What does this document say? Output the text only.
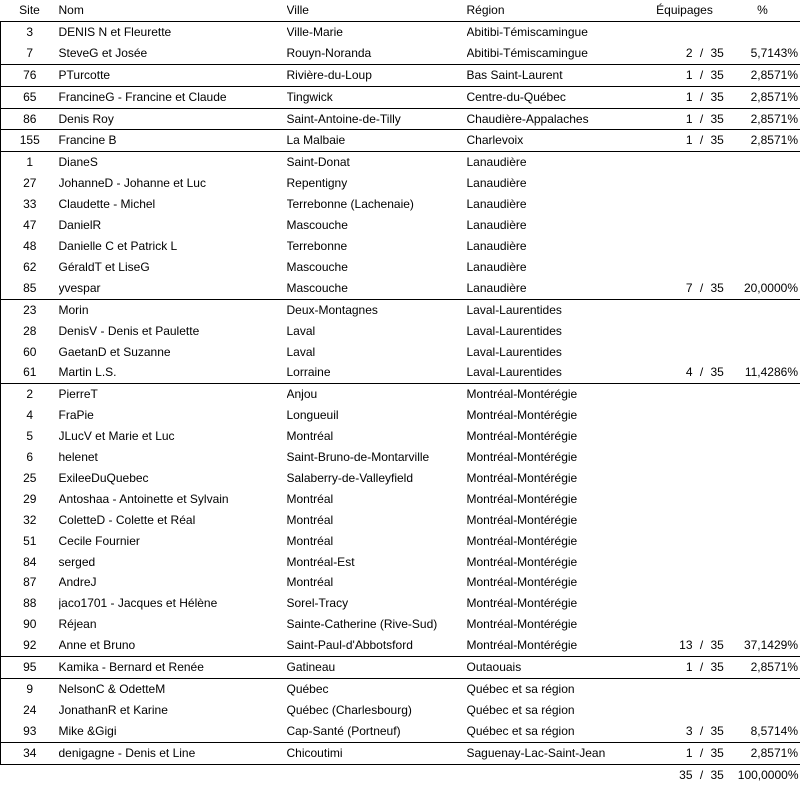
Site	Nom	Ville	Région	Équipages	%
3	DENIS N et Fleurette	Ville-Marie	Abitibi-Témiscamingue		
7	SteveG et Josée	Rouyn-Noranda	Abitibi-Témiscamingue	2 / 35	5,7143%
76	PTurcotte	Rivière-du-Loup	Bas Saint-Laurent	1 / 35	2,8571%
65	FrancineG - Francine et Claude	Tingwick	Centre-du-Québec	1 / 35	2,8571%
86	Denis Roy	Saint-Antoine-de-Tilly	Chaudière-Appalaches	1 / 35	2,8571%
155	Francine B	La Malbaie	Charlevoix	1 / 35	2,8571%
1	DianeS	Saint-Donat	Lanaudière		
27	JohanneD - Johanne et Luc	Repentigny	Lanaudière		
33	Claudette - Michel	Terrebonne (Lachenaie)	Lanaudière		
47	DanielR	Mascouche	Lanaudière		
48	Danielle C et Patrick L	Terrebonne	Lanaudière		
62	GéraldT et LiseG	Mascouche	Lanaudière		
85	yvespar	Mascouche	Lanaudière	7 / 35	20,0000%
23	Morin	Deux-Montagnes	Laval-Laurentides		
28	DenisV - Denis et Paulette	Laval	Laval-Laurentides		
60	GaetanD et Suzanne	Laval	Laval-Laurentides		
61	Martin L.S.	Lorraine	Laval-Laurentides	4 / 35	11,4286%
2	PierreT	Anjou	Montréal-Montérégie		
4	FraPie	Longueuil	Montréal-Montérégie		
5	JLucV et Marie et Luc	Montréal	Montréal-Montérégie		
6	helenet	Saint-Bruno-de-Montarville	Montréal-Montérégie		
25	ExileeDuQuebec	Salaberry-de-Valleyfield	Montréal-Montérégie		
29	Antoshaa - Antoinette et Sylvain	Montréal	Montréal-Montérégie		
32	ColetteD - Colette et Réal	Montréal	Montréal-Montérégie		
51	Cecile Fournier	Montréal	Montréal-Montérégie		
84	serged	Montréal-Est	Montréal-Montérégie		
87	AndreJ	Montréal	Montréal-Montérégie		
88	jaco1701 - Jacques et Hélène	Sorel-Tracy	Montréal-Montérégie		
90	Réjean	Sainte-Catherine (Rive-Sud)	Montréal-Montérégie		
92	Anne et Bruno	Saint-Paul-d'Abbotsford	Montréal-Montérégie	13 / 35	37,1429%
95	Kamika - Bernard et Renée	Gatineau	Outaouais	1 / 35	2,8571%
9	NelsonC & OdetteM	Québec	Québec et sa région		
24	JonathanR et Karine	Québec (Charlesbourg)	Québec et sa région		
93	Mike &Gigi	Cap-Santé (Portneuf)	Québec et sa région	3 / 35	8,5714%
34	denigagne - Denis et Line	Chicoutimi	Saguenay-Lac-Saint-Jean	1 / 35	2,8571%
				35 / 35	100,0000%
